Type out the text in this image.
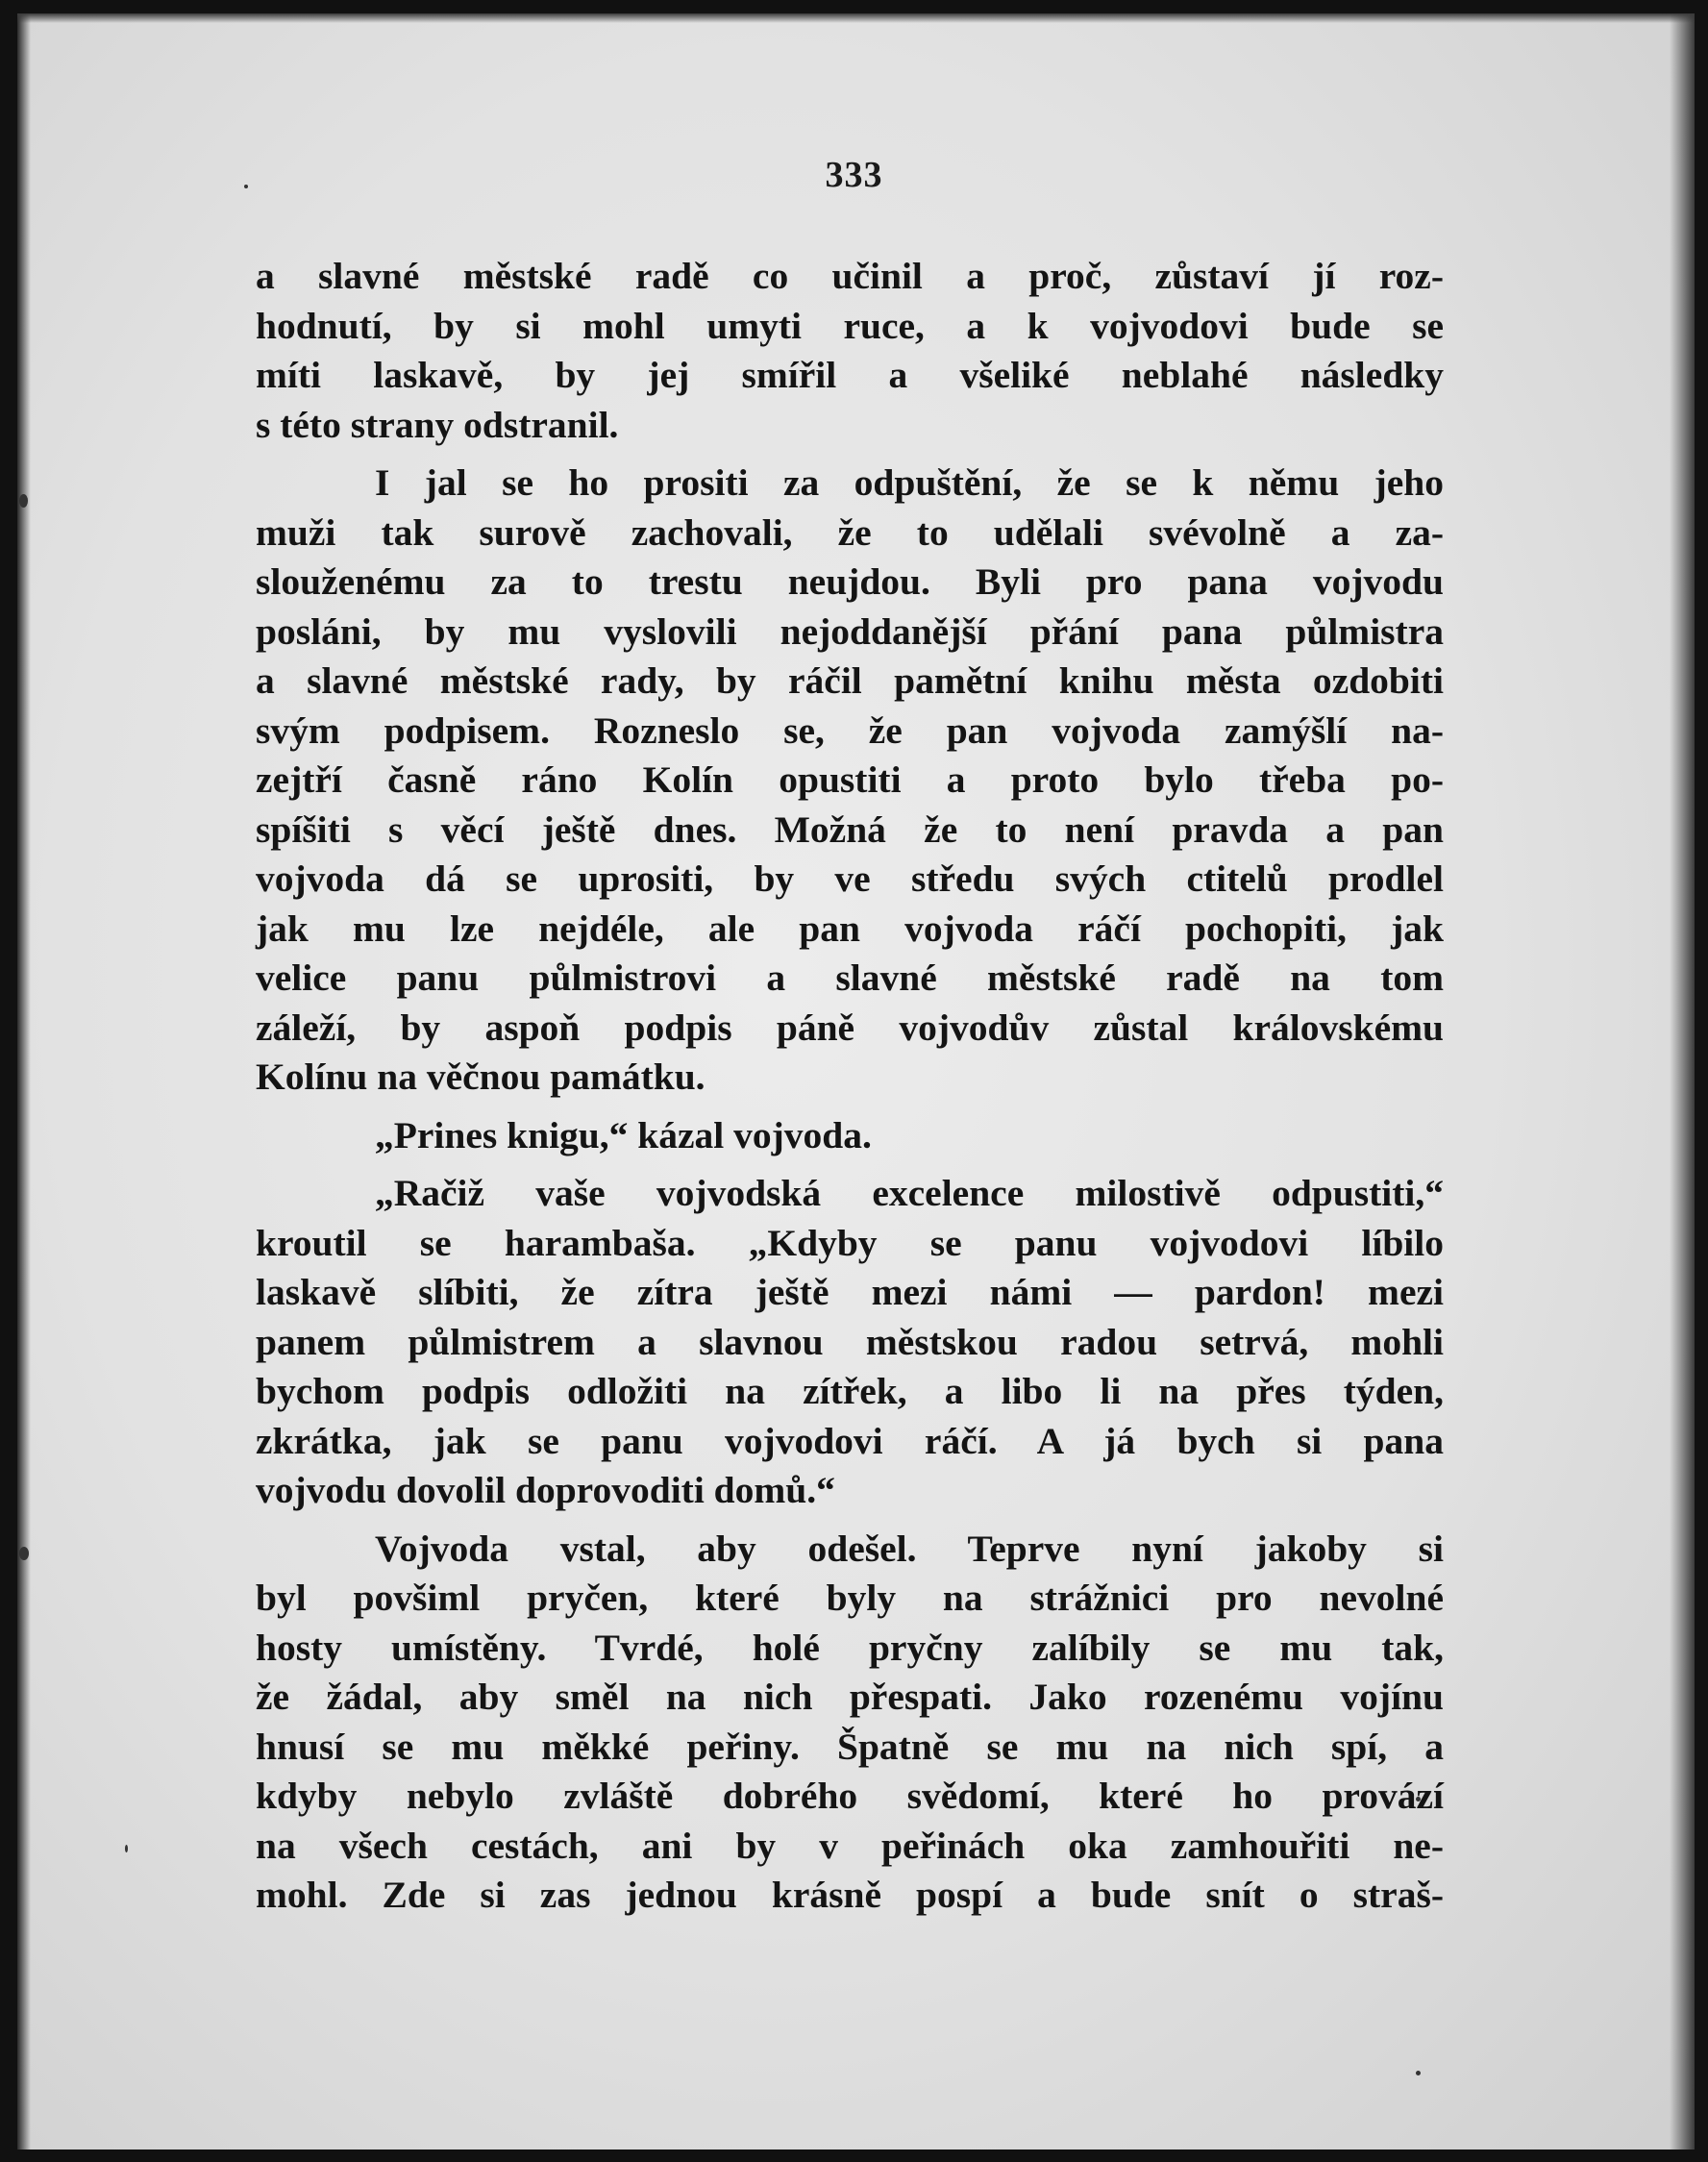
333

a slavné městské radě co učinil a proč, zůstaví jí roz-
hodnutí, by si mohl umyti ruce, a k vojvodovi bude se
míti laskavě, by jej smířil a všeliké neblahé následky
s této strany odstranil.

I jal se ho prositi za odpuštění, že se k němu jeho
muži tak surově zachovali, že to udělali svévolně a za-
slouženému za to trestu neujdou. Byli pro pana vojvodu
posláni, by mu vyslovili nejoddanější přání pana půlmistra
a slavné městské rady, by ráčil pamětní knihu města ozdobiti
svým podpisem. Rozneslo se, že pan vojvoda zamýšlí na-
zejtří časně ráno Kolín opustiti a proto bylo třeba po-
spíšiti s věcí ještě dnes. Možná že to není pravda a pan
vojvoda dá se uprositi, by ve středu svých ctitelů prodlel
jak mu lze nejdéle, ale pan vojvoda ráčí pochopiti, jak
velice panu půlmistrovi a slavné městské radě na tom
záleží, by aspoň podpis páně vojvodův zůstal královskému
Kolínu na věčnou památku.

„Prines knigu,“ kázal vojvoda.

„Račiž vaše vojvodská excelence milostivě odpustiti,“
kroutil se harambaša. „Kdyby se panu vojvodovi líbilo
laskavě slíbiti, že zítra ještě mezi námi — pardon! mezi
panem půlmistrem a slavnou městskou radou setrvá, mohli
bychom podpis odložiti na zítřek, a libo li na přes týden,
zkrátka, jak se panu vojvodovi ráčí. A já bych si pana
vojvodu dovolil doprovoditi domů.“

Vojvoda vstal, aby odešel. Teprve nyní jakoby si
byl povšiml pryčen, které byly na strážnici pro nevolné
hosty umístěny. Tvrdé, holé pryčny zalíbily se mu tak,
že žádal, aby směl na nich přespati. Jako rozenému vojínu
hnusí se mu měkké peřiny. Špatně se mu na nich spí, a
kdyby nebylo zvláště dobrého svědomí, které ho provází
na všech cestách, ani by v peřinách oka zamhouřiti ne-
mohl. Zde si zas jednou krásně pospí a bude snít o straš-
